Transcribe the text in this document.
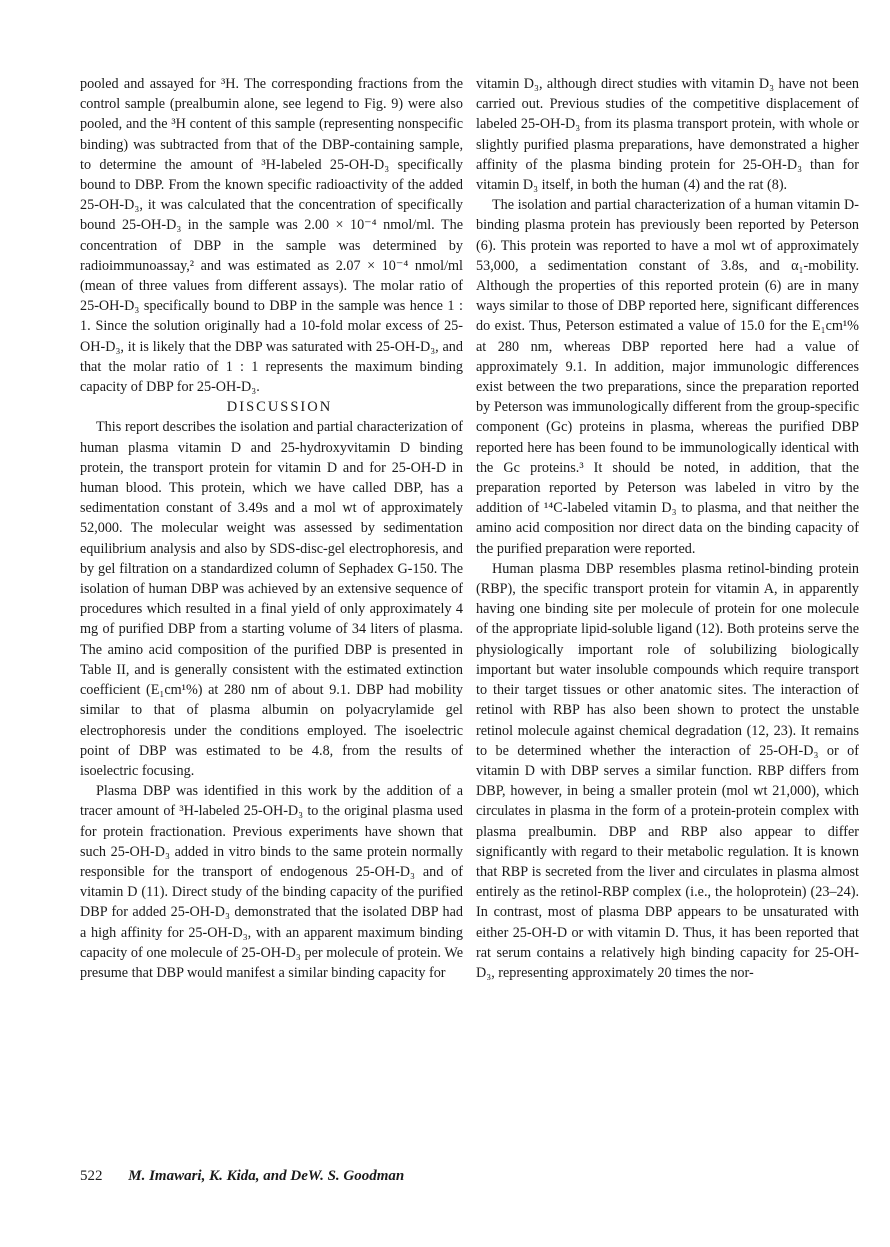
pooled and assayed for ³H. The corresponding fractions from the control sample (prealbumin alone, see legend to Fig. 9) were also pooled, and the ³H content of this sample (representing nonspecific binding) was subtracted from that of the DBP-containing sample, to determine the amount of ³H-labeled 25-OH-D₃ specifically bound to DBP. From the known specific radioactivity of the added 25-OH-D₃, it was calculated that the concentration of specifically bound 25-OH-D₃ in the sample was 2.00 × 10⁻⁴ nmol/ml. The concentration of DBP in the sample was determined by radioimmunoassay,² and was estimated as 2.07 × 10⁻⁴ nmol/ml (mean of three values from different assays). The molar ratio of 25-OH-D₃ specifically bound to DBP in the sample was hence 1 : 1. Since the solution originally had a 10-fold molar excess of 25-OH-D₃, it is likely that the DBP was saturated with 25-OH-D₃, and that the molar ratio of 1 : 1 represents the maximum binding capacity of DBP for 25-OH-D₃.

DISCUSSION

This report describes the isolation and partial characterization of human plasma vitamin D and 25-hydroxyvitamin D binding protein, the transport protein for vitamin D and for 25-OH-D in human blood. This protein, which we have called DBP, has a sedimentation constant of 3.49s and a mol wt of approximately 52,000. The molecular weight was assessed by sedimentation equilibrium analysis and also by SDS-disc-gel electrophoresis, and by gel filtration on a standardized column of Sephadex G-150. The isolation of human DBP was achieved by an extensive sequence of procedures which resulted in a final yield of only approximately 4 mg of purified DBP from a starting volume of 34 liters of plasma. The amino acid composition of the purified DBP is presented in Table II, and is generally consistent with the estimated extinction coefficient (E₁cm¹%) at 280 nm of about 9.1. DBP had mobility similar to that of plasma albumin on polyacrylamide gel electrophoresis under the conditions employed. The isoelectric point of DBP was estimated to be 4.8, from the results of isoelectric focusing.

Plasma DBP was identified in this work by the addition of a tracer amount of ³H-labeled 25-OH-D₃ to the original plasma used for protein fractionation. Previous experiments have shown that such 25-OH-D₃ added in vitro binds to the same protein normally responsible for the transport of endogenous 25-OH-D₃ and of vitamin D (11). Direct study of the binding capacity of the purified DBP for added 25-OH-D₃ demonstrated that the isolated DBP had a high affinity for 25-OH-D₃, with an apparent maximum binding capacity of one molecule of 25-OH-D₃ per molecule of protein. We presume that DBP would manifest a similar binding capacity for

vitamin D₃, although direct studies with vitamin D₃ have not been carried out. Previous studies of the competitive displacement of labeled 25-OH-D₃ from its plasma transport protein, with whole or slightly purified plasma preparations, have demonstrated a higher affinity of the plasma binding protein for 25-OH-D₃ than for vitamin D₃ itself, in both the human (4) and the rat (8).

The isolation and partial characterization of a human vitamin D-binding plasma protein has previously been reported by Peterson (6). This protein was reported to have a mol wt of approximately 53,000, a sedimentation constant of 3.8s, and α₁-mobility. Although the properties of this reported protein (6) are in many ways similar to those of DBP reported here, significant differences do exist. Thus, Peterson estimated a value of 15.0 for the E₁cm¹% at 280 nm, whereas DBP reported here had a value of approximately 9.1. In addition, major immunologic differences exist between the two preparations, since the preparation reported by Peterson was immunologically different from the group-specific component (Gc) proteins in plasma, whereas the purified DBP reported here has been found to be immunologically identical with the Gc proteins.³ It should be noted, in addition, that the preparation reported by Peterson was labeled in vitro by the addition of ¹⁴C-labeled vitamin D₃ to plasma, and that neither the amino acid composition nor direct data on the binding capacity of the purified preparation were reported.

Human plasma DBP resembles plasma retinol-binding protein (RBP), the specific transport protein for vitamin A, in apparently having one binding site per molecule of protein for one molecule of the appropriate lipid-soluble ligand (12). Both proteins serve the physiologically important role of solubilizing biologically important but water insoluble compounds which require transport to their target tissues or other anatomic sites. The interaction of retinol with RBP has also been shown to protect the unstable retinol molecule against chemical degradation (12, 23). It remains to be determined whether the interaction of 25-OH-D₃ or of vitamin D with DBP serves a similar function. RBP differs from DBP, however, in being a smaller protein (mol wt 21,000), which circulates in plasma in the form of a protein-protein complex with plasma prealbumin. DBP and RBP also appear to differ significantly with regard to their metabolic regulation. It is known that RBP is secreted from the liver and circulates in plasma almost entirely as the retinol-RBP complex (i.e., the holoprotein) (23–24). In contrast, most of plasma DBP appears to be unsaturated with either 25-OH-D or with vitamin D. Thus, it has been reported that rat serum contains a relatively high binding capacity for 25-OH-D₃, representing approximately 20 times the nor-

522 M. Imawari, K. Kida, and DeW. S. Goodman
